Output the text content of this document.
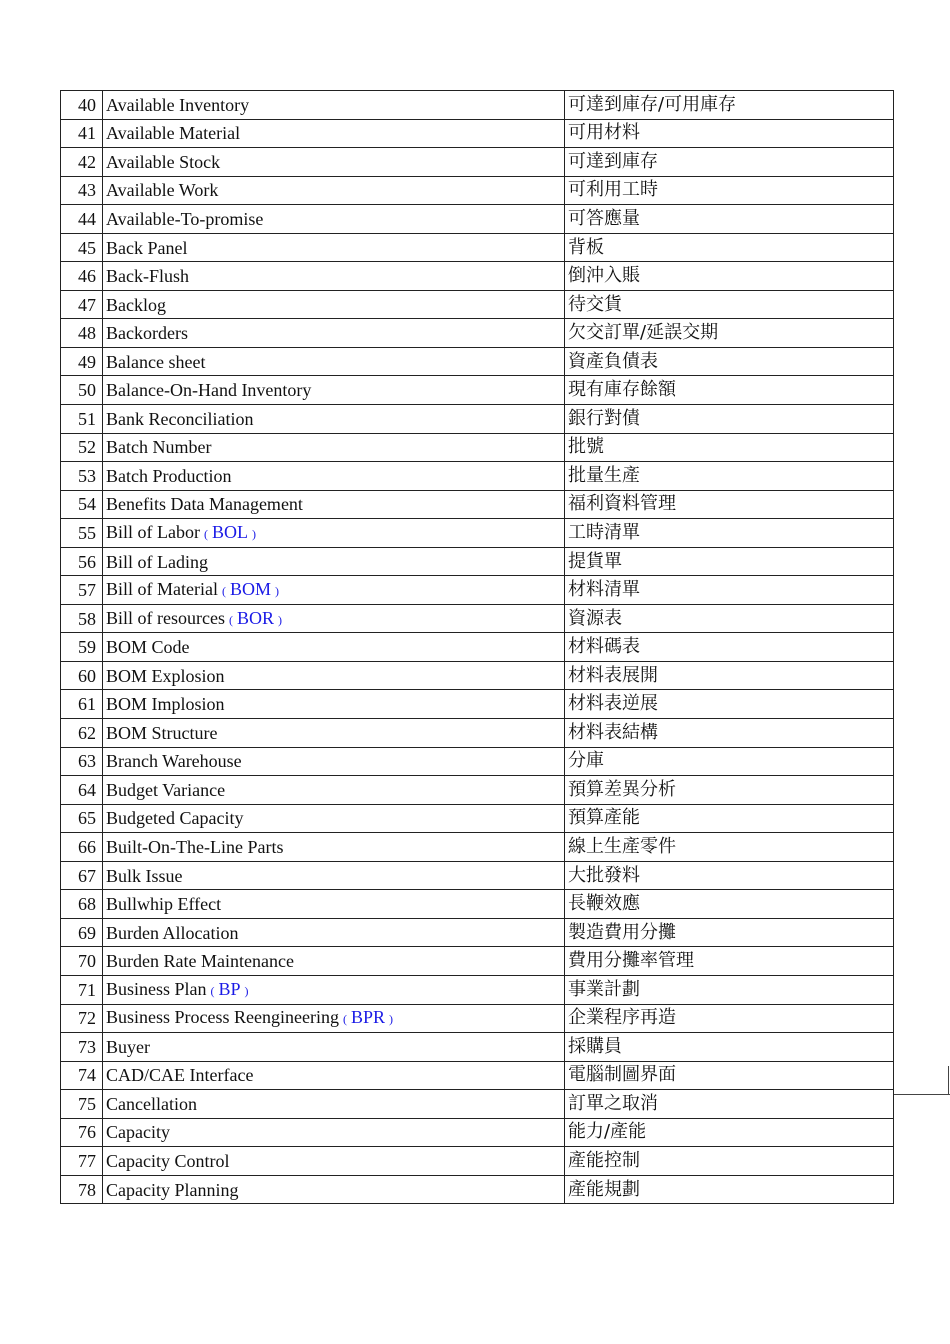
40	Available Inventory	可達到庫存/可用庫存
41	Available Material	可用材料
42	Available Stock	可達到庫存
43	Available Work	可利用工時
44	Available-To-promise	可答應量
45	Back Panel	背板
46	Back-Flush	倒沖入賬
47	Backlog	待交貨
48	Backorders	欠交訂單/延誤交期
49	Balance sheet	資產負債表
50	Balance-On-Hand Inventory	現有庫存餘額
51	Bank Reconciliation	銀行對債
52	Batch Number	批號
53	Batch Production	批量生產
54	Benefits Data Management	福利資料管理
55	Bill of Labor ( BOL )	工時清單
56	Bill of Lading	提貨單
57	Bill of Material ( BOM )	材料清單
58	Bill of resources ( BOR )	資源表
59	BOM Code	材料碼表
60	BOM Explosion	材料表展開
61	BOM Implosion	材料表逆展
62	BOM Structure	材料表結構
63	Branch Warehouse	分庫
64	Budget Variance	預算差異分析
65	Budgeted Capacity	預算產能
66	Built-On-The-Line Parts	線上生產零件
67	Bulk Issue	大批發料
68	Bullwhip Effect	長鞭效應
69	Burden Allocation	製造費用分攤
70	Burden Rate Maintenance	費用分攤率管理
71	Business Plan ( BP )	事業計劃
72	Business Process Reengineering ( BPR )	企業程序再造
73	Buyer	採購員
74	CAD/CAE Interface	電腦制圖界面
75	Cancellation	訂單之取消
76	Capacity	能力/產能
77	Capacity Control	產能控制
78	Capacity Planning	產能規劃
